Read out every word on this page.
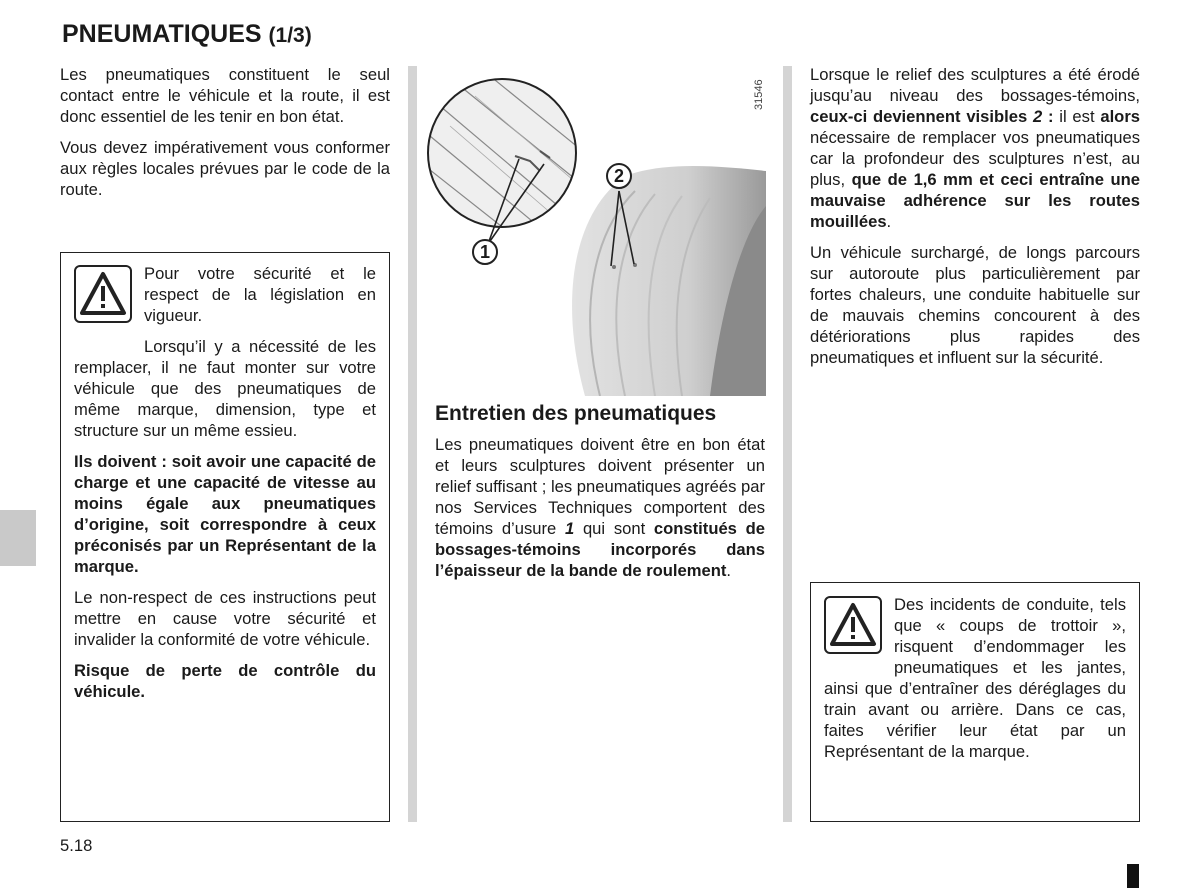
PNEUMATIQUES (1/3)

Les pneumatiques constituent le seul contact entre le véhicule et la route, il est donc essentiel de les tenir en bon état.

Vous devez impérativement vous conformer aux règles locales prévues par le code de la route.

Pour votre sécurité et le respect de la législation en vigueur.

Lorsqu’il y a nécessité de les remplacer, il ne faut monter sur votre véhicule que des pneumatiques de même marque, dimension, type et structure sur un même essieu.

Ils doivent : soit avoir une capacité de charge et une capacité de vitesse au moins égale aux pneumatiques d’origine, soit correspondre à ceux préconisés par un Représentant de la marque.

Le non-respect de ces instructions peut mettre en cause votre sécurité et invalider la conformité de votre véhicule.

Risque de perte de contrôle du véhicule.

1
2
31546
Entretien des pneumatiques
Les pneumatiques doivent être en bon état et leurs sculptures doivent présenter un relief suffisant ; les pneumatiques agréés par nos Services Techniques comportent des témoins d’usure 1 qui sont constitués de bossages-témoins incorporés dans l’épaisseur de la bande de roulement.

Lorsque le relief des sculptures a été érodé jusqu’au niveau des bossages-témoins, ceux-ci deviennent visibles 2 : il est alors nécessaire de remplacer vos pneumatiques car la profondeur des sculptures n’est, au plus, que de 1,6 mm et ceci entraîne une mauvaise adhérence sur les routes mouillées.

Un véhicule surchargé, de longs parcours sur autoroute plus particulièrement par fortes chaleurs, une conduite habituelle sur de mauvais chemins concourent à des détériorations plus rapides des pneumatiques et influent sur la sécurité.

Des incidents de conduite, tels que « coups de trottoir », risquent d’endommager les pneumatiques et les jantes, ainsi que d’entraîner des déréglages du train avant ou arrière. Dans ce cas, faites vérifier leur état par un Représentant de la marque.

5.18
